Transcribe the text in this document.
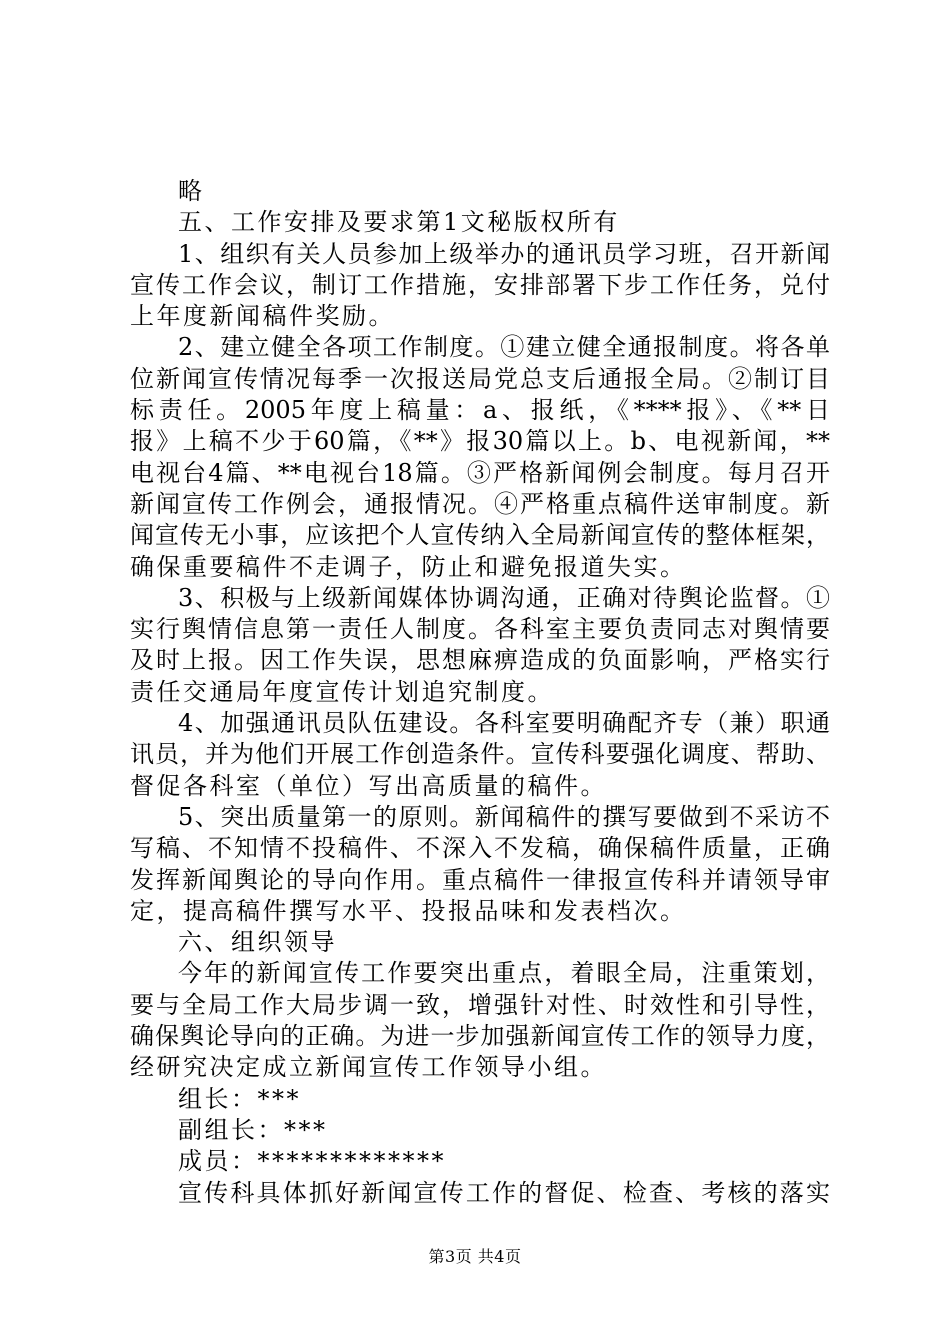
略
五、工作安排及要求第1文秘版权所有
1、组织有关人员参加上级举办的通讯员学习班，召开新闻
宣传工作会议，制订工作措施，安排部署下步工作任务，兑付
上年度新闻稿件奖励。
2、建立健全各项工作制度。①建立健全通报制度。将各单
位新闻宣传情况每季一次报送局党总支后通报全局。②制订目
标责任。2005年度上稿量：a、报纸，《****报》、《**日
报》上稿不少于60篇，《**》报30篇以上。b、电视新闻，**
电视台4篇、**电视台18篇。③严格新闻例会制度。每月召开
新闻宣传工作例会，通报情况。④严格重点稿件送审制度。新
闻宣传无小事，应该把个人宣传纳入全局新闻宣传的整体框架，
确保重要稿件不走调子，防止和避免报道失实。
3、积极与上级新闻媒体协调沟通，正确对待舆论监督。①
实行舆情信息第一责任人制度。各科室主要负责同志对舆情要
及时上报。因工作失误，思想麻痹造成的负面影响，严格实行
责任交通局年度宣传计划追究制度。
4、加强通讯员队伍建设。各科室要明确配齐专（兼）职通
讯员，并为他们开展工作创造条件。宣传科要强化调度、帮助、
督促各科室（单位）写出高质量的稿件。
5、突出质量第一的原则。新闻稿件的撰写要做到不采访不
写稿、不知情不投稿件、不深入不发稿，确保稿件质量，正确
发挥新闻舆论的导向作用。重点稿件一律报宣传科并请领导审
定，提高稿件撰写水平、投报品味和发表档次。
六、组织领导
今年的新闻宣传工作要突出重点，着眼全局，注重策划，
要与全局工作大局步调一致，增强针对性、时效性和引导性，
确保舆论导向的正确。为进一步加强新闻宣传工作的领导力度，
经研究决定成立新闻宣传工作领导小组。
组长：***
副组长：***
成员：*************
宣传科具体抓好新闻宣传工作的督促、检查、考核的落实
第3页 共4页
